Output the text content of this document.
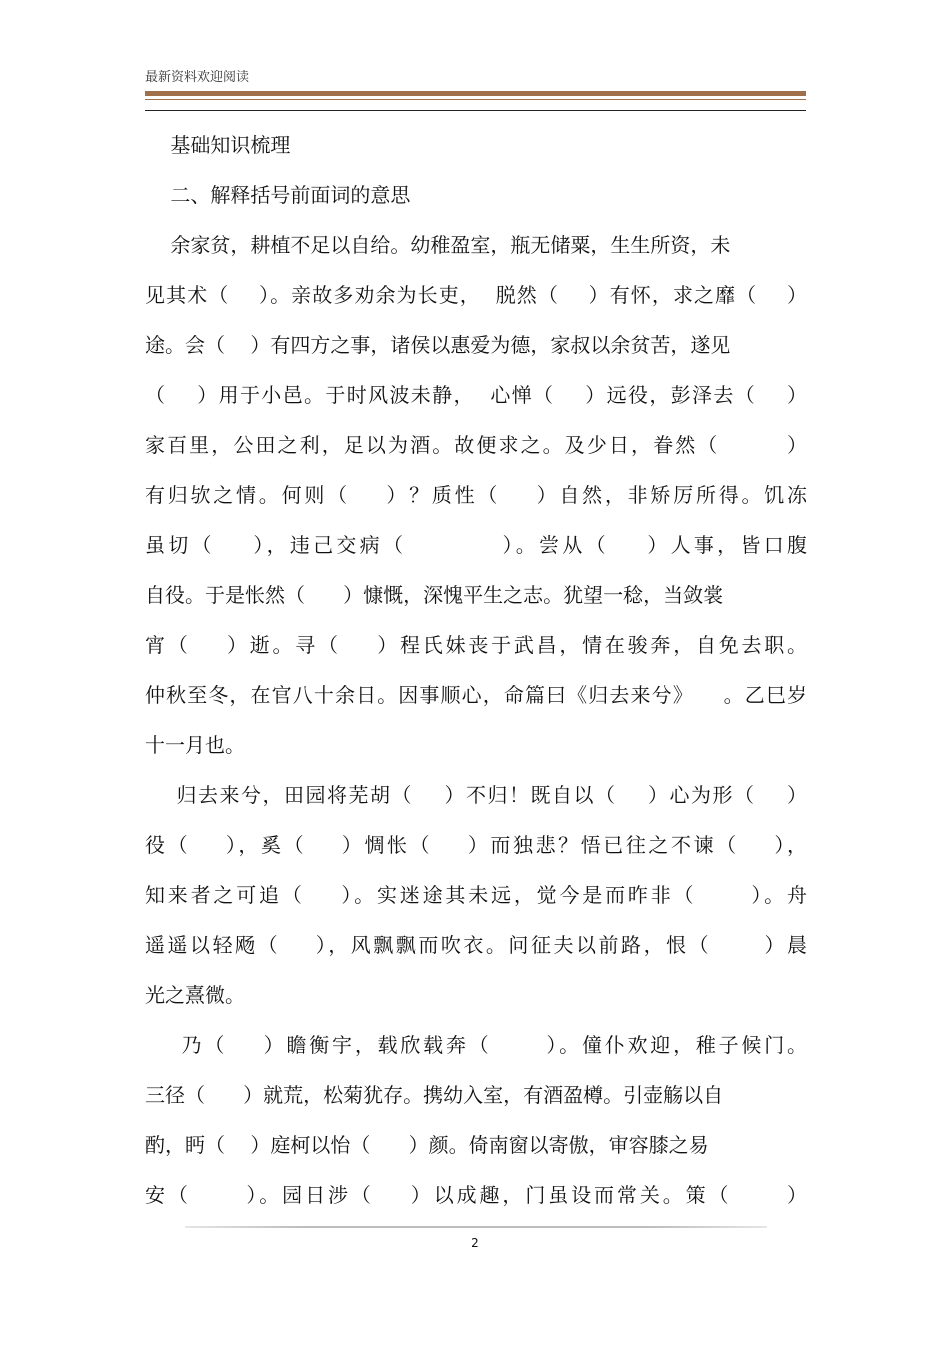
最新资料欢迎阅读
基础知识梳理
二、解释括号前面词的意思
余家贫，耕植不足以自给。幼稚盈室，瓶无储粟，生生所资，未
见其术（    ）。亲故多劝余为长吏，  脱然（    ）有怀，求之靡（    ）
途。会（    ）有四方之事，诸侯以惠爱为德，家叔以余贫苦，遂见
（    ）用于小邑。于时风波未静，  心惮（    ）远役，彭泽去（    ）
家百里，公田之利，足以为酒。故便求之。及少日，眷然（        ）
有归欤之情。何则（    ）？质性（    ）自然，非矫厉所得。饥冻
虽切（    ），违己交病（          ）。尝从（    ）人事，皆口腹
自役。于是怅然（      ）慷慨，深愧平生之志。犹望一稔，当敛裳
宵（    ）逝。寻（    ）程氏妹丧于武昌，情在骏奔，自免去职。
仲秋至冬，在官八十余日。因事顺心，命篇曰《归去来兮》    。乙巳岁
十一月也。
归去来兮，田园将芜胡（    ）不归！既自以（    ）心为形（    ）
役（    ），奚（    ）惆怅（    ）而独悲？悟已往之不谏（    ），
知来者之可追（    ）。实迷途其未远，觉今是而昨非（      ）。舟
遥遥以轻飏（    ），风飘飘而吹衣。问征夫以前路，恨（      ）晨
光之熹微。
乃（    ）瞻衡宇，载欣载奔（      ）。僮仆欢迎，稚子候门。
三径（      ）就荒，松菊犹存。携幼入室，有酒盈樽。引壶觞以自
酌，眄（    ）庭柯以怡（      ）颜。倚南窗以寄傲，审容膝之易
安（      ）。园日涉（    ）以成趣，门虽设而常关。策（      ）
2
